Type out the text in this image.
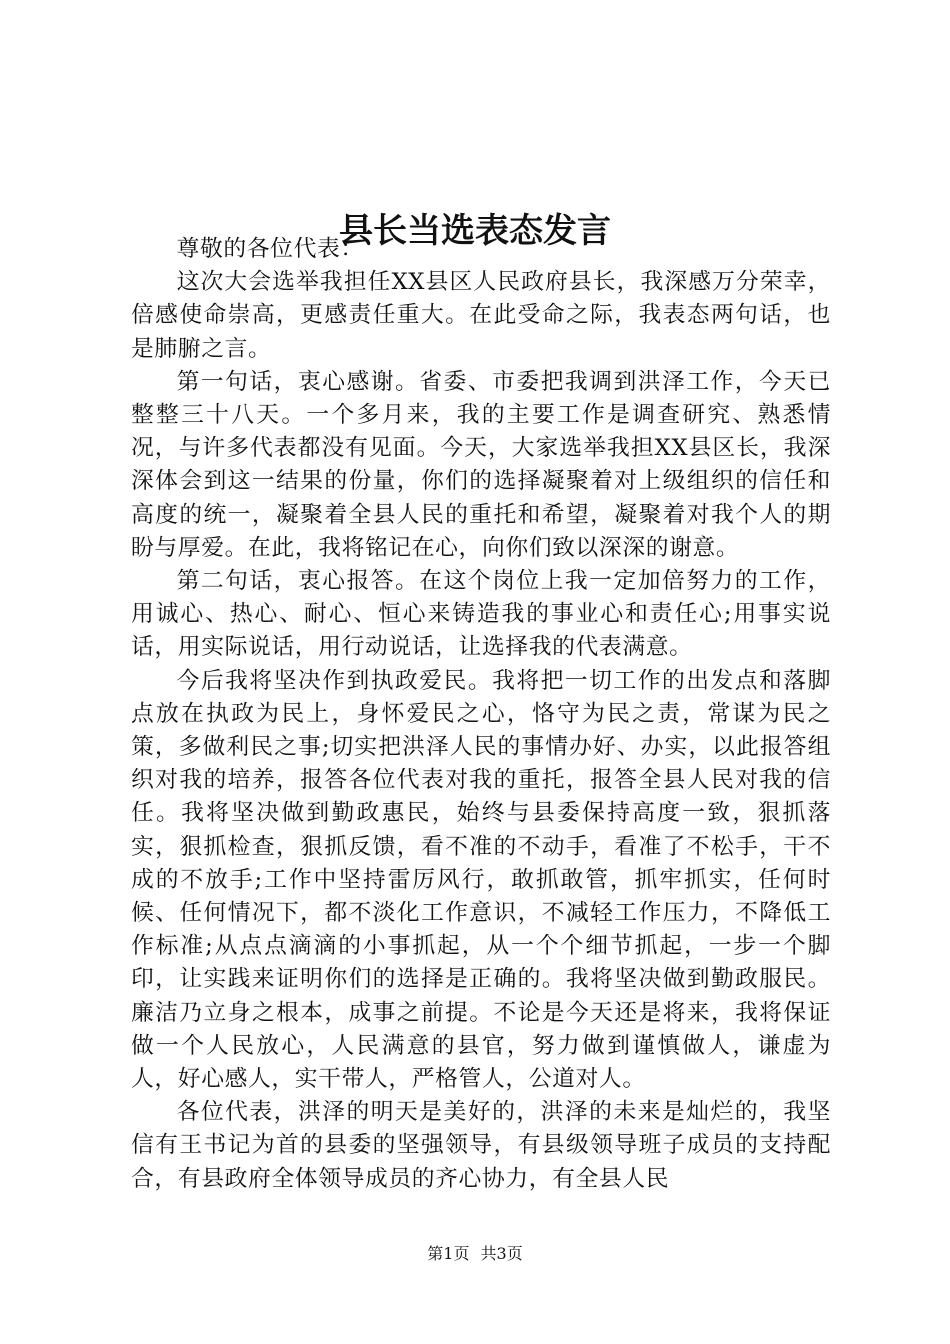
县长当选表态发言

尊敬的各位代表：

这次大会选举我担任XX县区人民政府县长，我深感万分荣幸，倍感使命崇高，更感责任重大。在此受命之际，我表态两句话，也是肺腑之言。

第一句话，衷心感谢。省委、市委把我调到洪泽工作，今天已整整三十八天。一个多月来，我的主要工作是调查研究、熟悉情况，与许多代表都没有见面。今天，大家选举我担XX县区长，我深深体会到这一结果的份量，你们的选择凝聚着对上级组织的信任和高度的统一，凝聚着全县人民的重托和希望，凝聚着对我个人的期盼与厚爱。在此，我将铭记在心，向你们致以深深的谢意。

第二句话，衷心报答。在这个岗位上我一定加倍努力的工作，用诚心、热心、耐心、恒心来铸造我的事业心和责任心;用事实说话，用实际说话，用行动说话，让选择我的代表满意。

今后我将坚决作到执政爱民。我将把一切工作的出发点和落脚点放在执政为民上，身怀爱民之心，恪守为民之责，常谋为民之策，多做利民之事;切实把洪泽人民的事情办好、办实，以此报答组织对我的培养，报答各位代表对我的重托，报答全县人民对我的信任。我将坚决做到勤政惠民，始终与县委保持高度一致，狠抓落实，狠抓检查，狠抓反馈，看不准的不动手，看准了不松手，干不成的不放手;工作中坚持雷厉风行，敢抓敢管，抓牢抓实，任何时候、任何情况下，都不淡化工作意识，不减轻工作压力，不降低工作标准;从点点滴滴的小事抓起，从一个个细节抓起，一步一个脚印，让实践来证明你们的选择是正确的。我将坚决做到勤政服民。廉洁乃立身之根本，成事之前提。不论是今天还是将来，我将保证做一个人民放心，人民满意的县官，努力做到谨慎做人，谦虚为人，好心感人，实干带人，严格管人，公道对人。

各位代表，洪泽的明天是美好的，洪泽的未来是灿烂的，我坚信有王书记为首的县委的坚强领导，有县级领导班子成员的支持配合，有县政府全体领导成员的齐心协力，有全县人民

第1页 共3页
